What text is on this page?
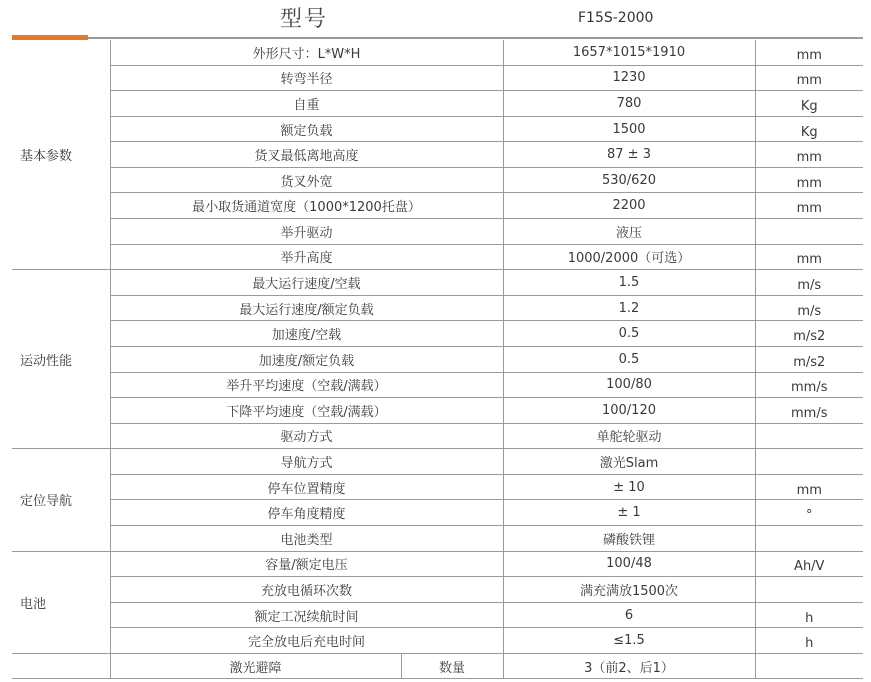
型号	F15S-2000
基本参数	外形尺寸：L*W*H		1657*1015*1910	mm
	转弯半径		1230	mm
	自重		780	Kg
	额定负载		1500	Kg
	货叉最低离地高度		87 ± 3	mm
	货叉外宽		530/620	mm
	最小取货通道宽度（1000*1200托盘）		2200	mm
	举升驱动		液压	
	举升高度		1000/2000（可选）	mm
运动性能	最大运行速度/空载		1.5	m/s
	最大运行速度/额定负载		1.2	m/s
	加速度/空载		0.5	m/s2
	加速度/额定负载		0.5	m/s2
	举升平均速度（空载/满载）		100/80	mm/s
	下降平均速度（空载/满载）		100/120	mm/s
	驱动方式		单舵轮驱动	
定位导航	导航方式		激光Slam	
	停车位置精度		± 10	mm
	停车角度精度		± 1	°
	电池类型		磷酸铁锂	
电池	容量/额定电压		100/48	Ah/V
	充放电循环次数		满充满放1500次	
	额定工况续航时间		6	h
	完全放电后充电时间		≤1.5	h
	激光避障	数量	3（前2、后1）	
